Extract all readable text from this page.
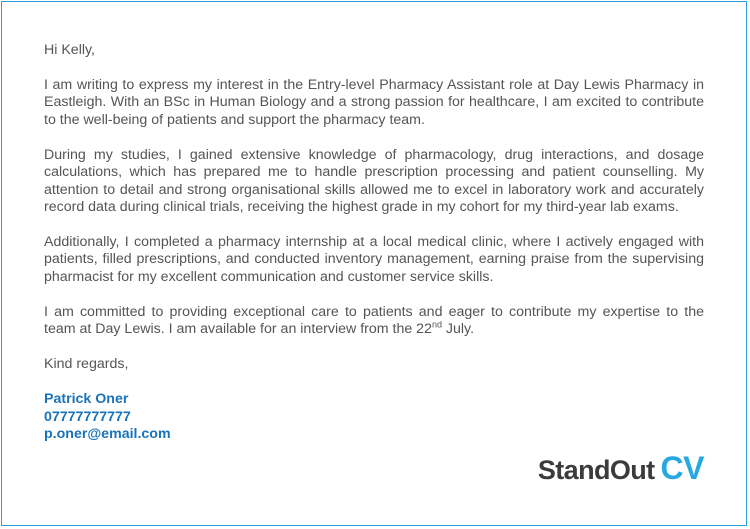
Hi Kelly,

I am writing to express my interest in the Entry-level Pharmacy Assistant role at Day Lewis Pharmacy in Eastleigh. With an BSc in Human Biology and a strong passion for healthcare, I am excited to contribute to the well-being of patients and support the pharmacy team.

During my studies, I gained extensive knowledge of pharmacology, drug interactions, and dosage calculations, which has prepared me to handle prescription processing and patient counselling. My attention to detail and strong organisational skills allowed me to excel in laboratory work and accurately record data during clinical trials, receiving the highest grade in my cohort for my third-year lab exams.

Additionally, I completed a pharmacy internship at a local medical clinic, where I actively engaged with patients, filled prescriptions, and conducted inventory management, earning praise from the supervising pharmacist for my excellent communication and customer service skills.

I am committed to providing exceptional care to patients and eager to contribute my expertise to the team at Day Lewis. I am available for an interview from the 22nd July.

Kind regards,

Patrick Oner
07777777777
p.oner@email.com
StandOut CV
